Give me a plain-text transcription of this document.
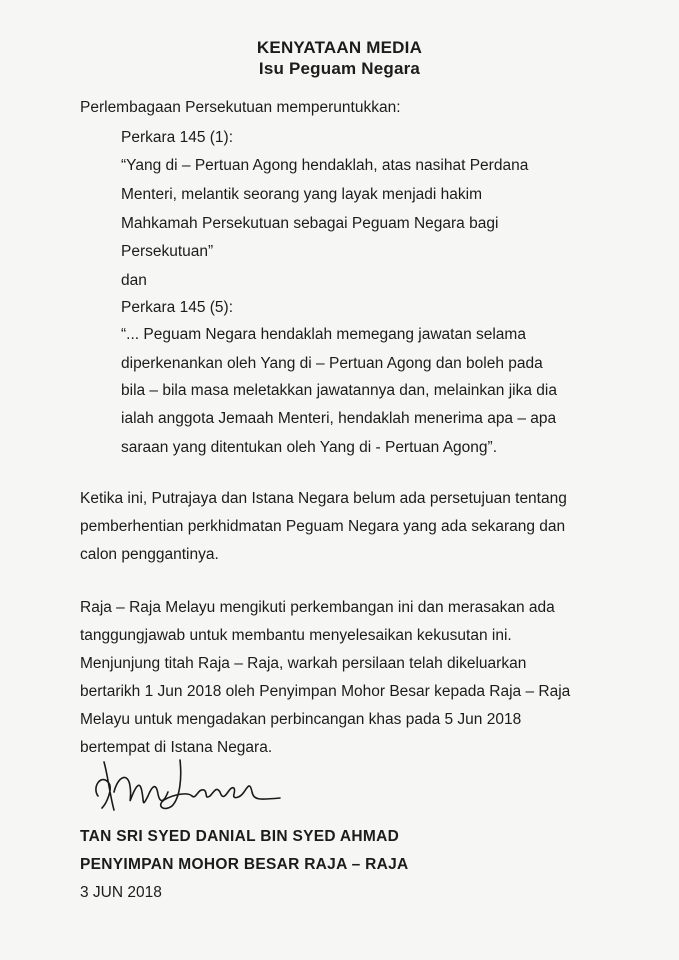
KENYATAAN MEDIA
Isu Peguam Negara
Perlembagaan Persekutuan memperuntukkan:
Perkara 145 (1):
“Yang di – Pertuan Agong hendaklah, atas nasihat Perdana
Menteri, melantik seorang yang layak menjadi hakim
Mahkamah Persekutuan sebagai Peguam Negara bagi
Persekutuan”
dan
Perkara 145 (5):
“... Peguam Negara hendaklah memegang jawatan selama
diperkenankan oleh Yang di – Pertuan Agong dan boleh pada
bila – bila masa meletakkan jawatannya dan, melainkan jika dia
ialah anggota Jemaah Menteri, hendaklah menerima apa – apa
saraan yang ditentukan oleh Yang di - Pertuan Agong”.
Ketika ini, Putrajaya dan Istana Negara belum ada persetujuan tentang
pemberhentian perkhidmatan Peguam Negara yang ada sekarang dan
calon penggantinya.
Raja – Raja Melayu mengikuti perkembangan ini dan merasakan ada
tanggungjawab untuk membantu menyelesaikan kekusutan ini.
Menjunjung titah Raja – Raja, warkah persilaan telah dikeluarkan
bertarikh 1 Jun 2018 oleh Penyimpan Mohor Besar kepada Raja – Raja
Melayu untuk mengadakan perbincangan khas pada 5 Jun 2018
bertempat di Istana Negara.
TAN SRI SYED DANIAL BIN SYED AHMAD
PENYIMPAN MOHOR BESAR RAJA – RAJA
3 JUN 2018
